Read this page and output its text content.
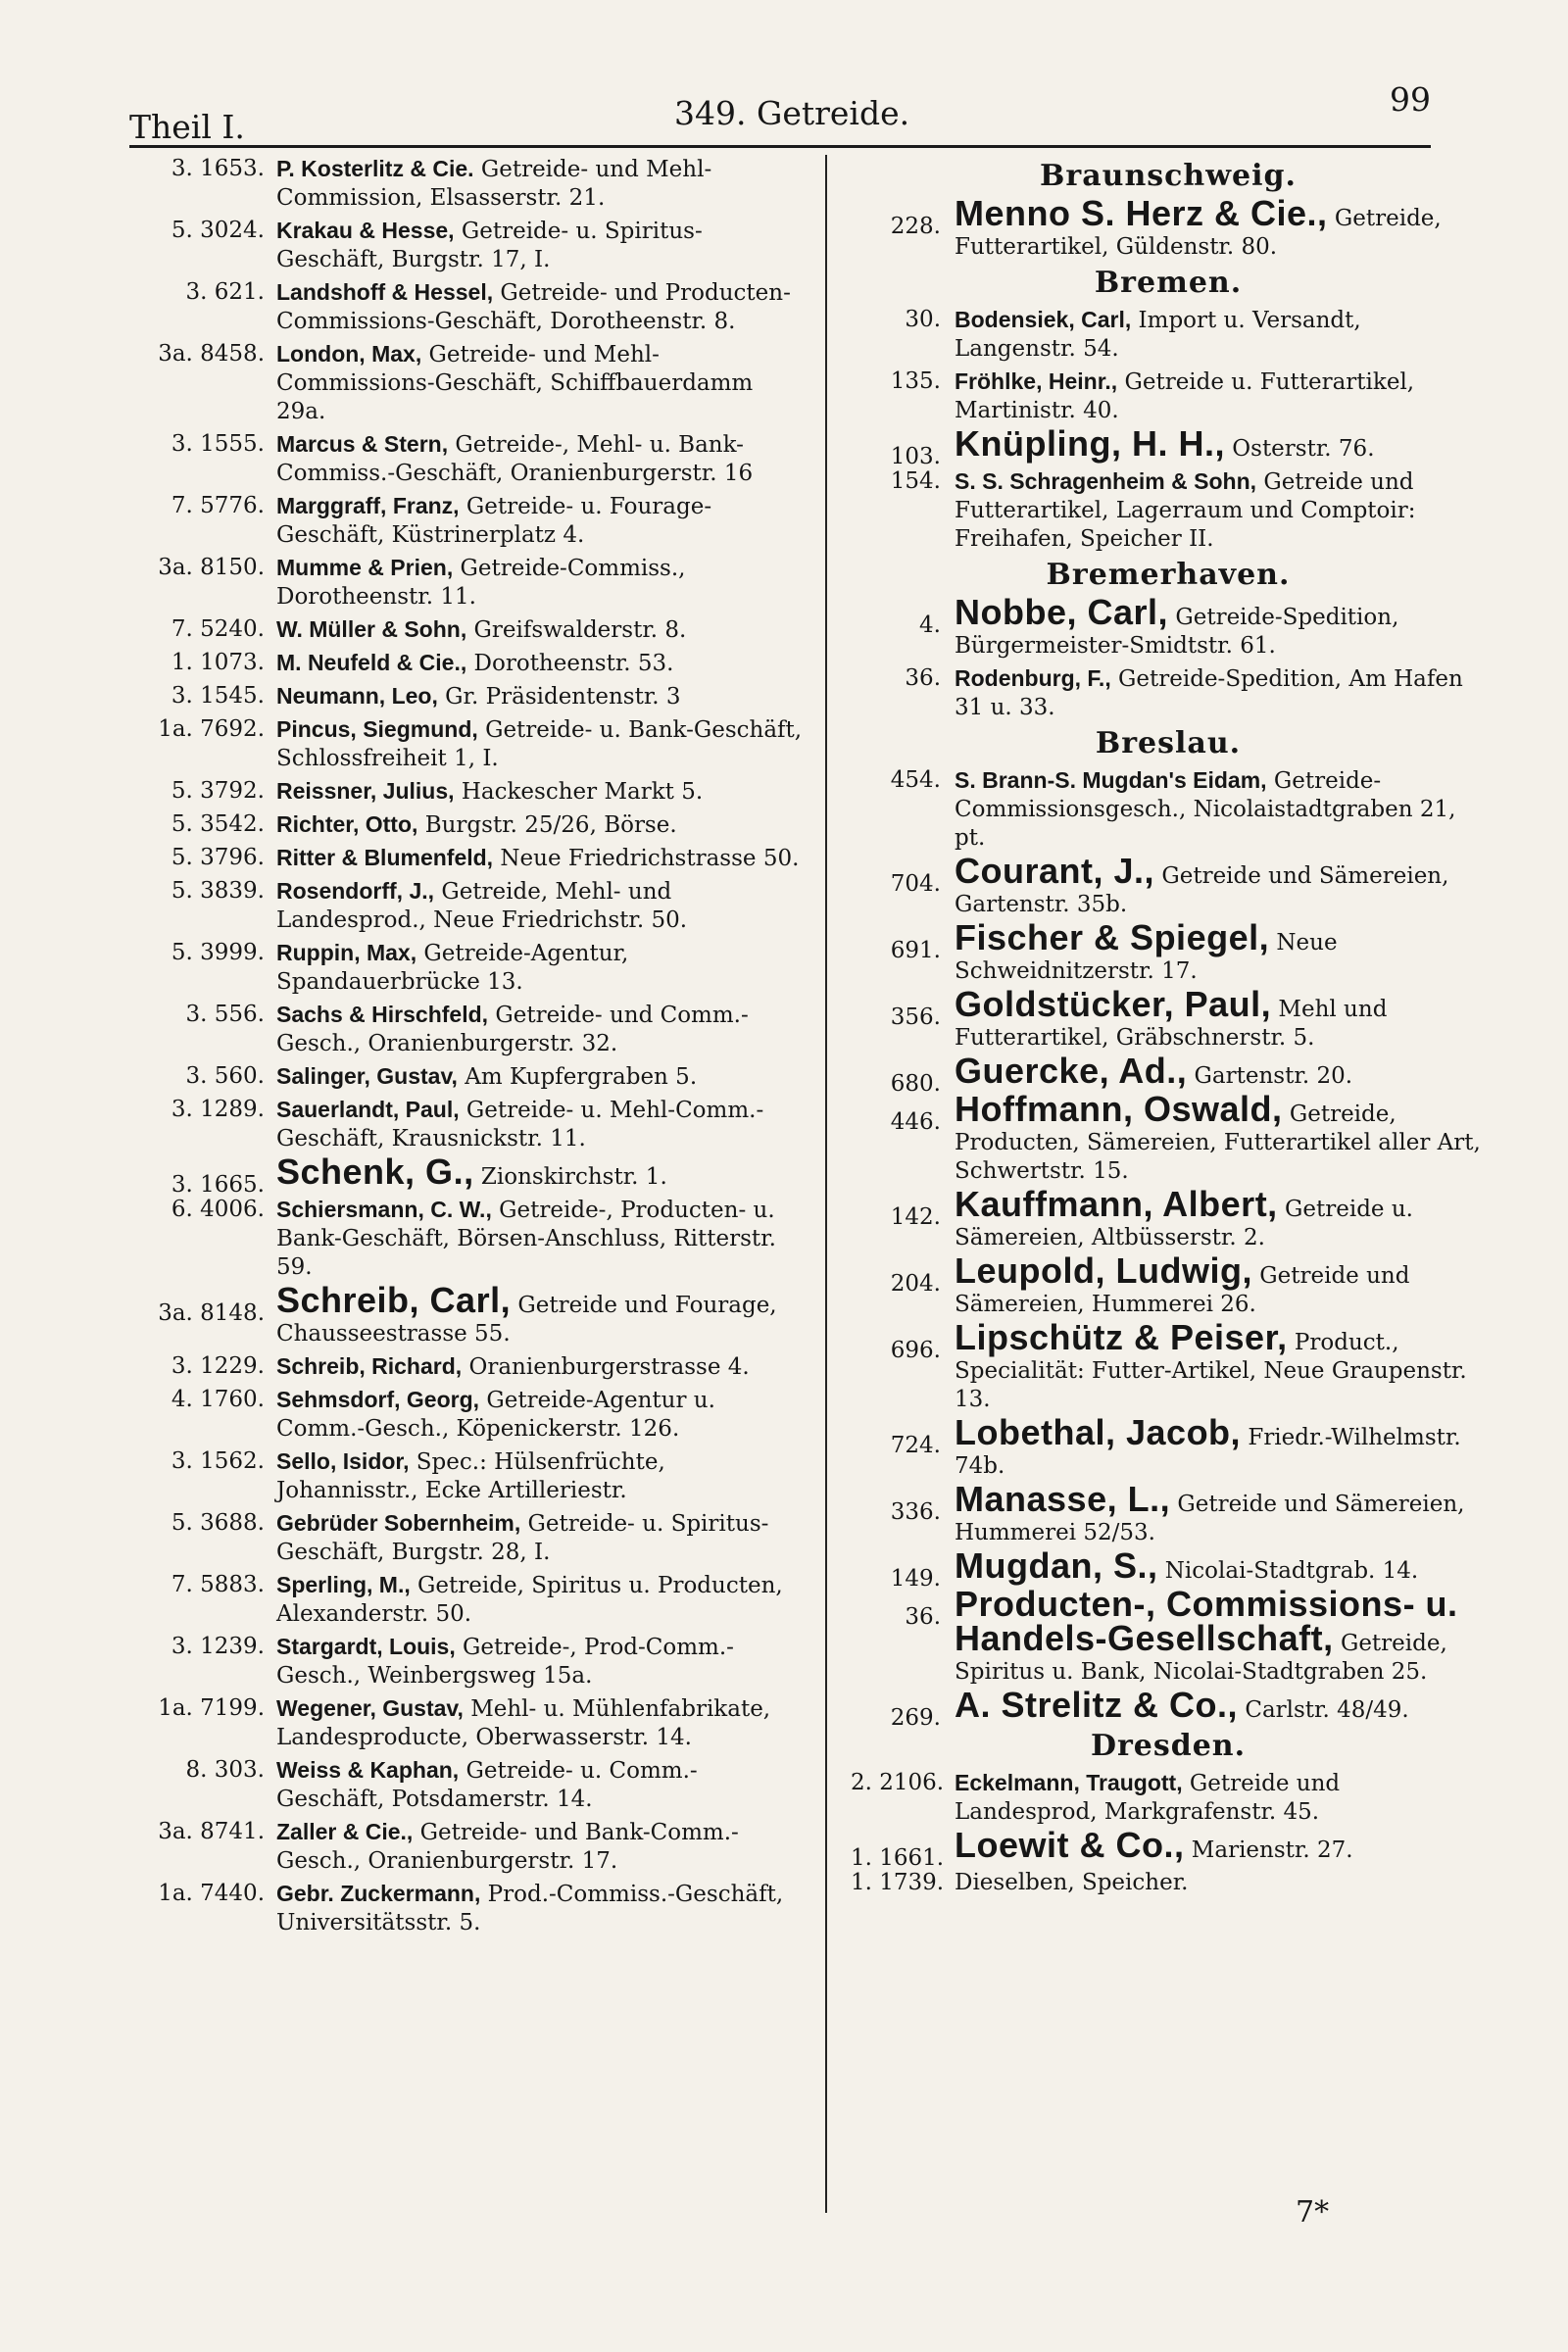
Theil I.	349. Getreide.	99
3. 1653. P. Kosterlitz & Cie. Getreide- und Mehl-Commission, Elsasserstr. 21.
5. 3024. Krakau & Hesse, Getreide- u. Spiritus-Geschäft, Burgstr. 17, I.
3. 621. Landshoff & Hessel, Getreide- und Producten-Commissions-Geschäft, Dorotheenstr. 8.
3a. 8458. London, Max, Getreide- und Mehl-Commissions-Geschäft, Schiffbauerdamm 29a.
3. 1555. Marcus & Stern, Getreide-, Mehl- u. Bank-Commiss.-Geschäft, Oranienburgerstr. 16
7. 5776. Marggraff, Franz, Getreide- u. Fourage-Geschäft, Küstrinerplatz 4.
3a. 8150. Mumme & Prien, Getreide-Commiss., Dorotheenstr. 11.
7. 5240. W. Müller & Sohn, Greifswalderstr. 8.
1. 1073. M. Neufeld & Cie., Dorotheenstr. 53.
3. 1545. Neumann, Leo, Gr. Präsidentenstr. 3
1a. 7692. Pincus, Siegmund, Getreide- u. Bank-Geschäft, Schlossfreiheit 1, I.
5. 3792. Reissner, Julius, Hackescher Markt 5.
5. 3542. Richter, Otto, Burgstr. 25/26, Börse.
5. 3796. Ritter & Blumenfeld, Neue Friedrichstrasse 50.
5. 3839. Rosendorff, J., Getreide, Mehl- und Landesprod., Neue Friedrichstr. 50.
5. 3999. Ruppin, Max, Getreide-Agentur, Spandauerbrücke 13.
3. 556. Sachs & Hirschfeld, Getreide- und Comm.-Gesch., Oranienburgerstr. 32.
3. 560. Salinger, Gustav, Am Kupfergraben 5.
3. 1289. Sauerlandt, Paul, Getreide- u. Mehl-Comm.-Geschäft, Krausnickstr. 11.
3. 1665. Schenk, G., Zionskirchstr. 1.
6. 4006. Schiersmann, C. W., Getreide-, Producten- u. Bank-Geschäft, Börsen-Anschluss, Ritterstr. 59.
3a. 8148. Schreib, Carl, Getreide und Fourage, Chausseestrasse 55.
3. 1229. Schreib, Richard, Oranienburgerstrasse 4.
4. 1760. Sehmsdorf, Georg, Getreide-Agentur u. Comm.-Gesch., Köpenickerstr. 126.
3. 1562. Sello, Isidor, Spec.: Hülsenfrüchte, Johannisstr., Ecke Artilleriestr.
5. 3688. Gebrüder Sobernheim, Getreide- u. Spiritus-Geschäft, Burgstr. 28, I.
7. 5883. Sperling, M., Getreide, Spiritus u. Producten, Alexanderstr. 50.
3. 1239. Stargardt, Louis, Getreide-, Prod-Comm.-Gesch., Weinbergsweg 15a.
1a. 7199. Wegener, Gustav, Mehl- u. Mühlenfabrikate, Landesproducte, Oberwasserstr. 14.
8. 303. Weiss & Kaphan, Getreide- u. Comm.-Geschäft, Potsdamerstr. 14.
3a. 8741. Zaller & Cie., Getreide- und Bank-Comm.-Gesch., Oranienburgerstr. 17.
1a. 7440. Gebr. Zuckermann, Prod.-Commiss.-Geschäft, Universitätsstr. 5.
Braunschweig.
228. Menno S. Herz & Cie., Getreide, Futterartikel, Güldenstr. 80.
Bremen.
30. Bodensiek, Carl, Import u. Versandt, Langenstr. 54.
135. Fröhlke, Heinr., Getreide u. Futterartikel, Martinistr. 40.
103. Knüpling, H. H., Osterstr. 76.
154. S. S. Schragenheim & Sohn, Getreide und Futterartikel, Lagerraum und Comptoir: Freihafen, Speicher II.
Bremerhaven.
4. Nobbe, Carl, Getreide-Spedition, Bürgermeister-Smidtstr. 61.
36. Rodenburg, F., Getreide-Spedition, Am Hafen 31 u. 33.
Breslau.
454. S. Brann-S. Mugdan's Eidam, Getreide-Commissionsgesch., Nicolaistadtgraben 21, pt.
704. Courant, J., Getreide und Sämereien, Gartenstr. 35b.
691. Fischer & Spiegel, Neue Schweidnitzerstr. 17.
356. Goldstücker, Paul, Mehl und Futterartikel, Gräbschnerstr. 5.
680. Guercke, Ad., Gartenstr. 20.
446. Hoffmann, Oswald, Getreide, Producten, Sämereien, Futterartikel aller Art, Schwertstr. 15.
142. Kauffmann, Albert, Getreide u. Sämereien, Altbüsserstr. 2.
204. Leupold, Ludwig, Getreide und Sämereien, Hummerei 26.
696. Lipschütz & Peiser, Product., Specialität: Futter-Artikel, Neue Graupenstr. 13.
724. Lobethal, Jacob, Friedr.-Wilhelmstr. 74b.
336. Manasse, L., Getreide und Sämereien, Hummerei 52/53.
149. Mugdan, S., Nicolai-Stadtgrab. 14.
36. Producten-, Commissions- u. Handels-Gesellschaft, Getreide, Spiritus u. Bank, Nicolai-Stadtgraben 25.
269. A. Strelitz & Co., Carlstr. 48/49.
Dresden.
2. 2106. Eckelmann, Traugott, Getreide und Landesprod, Markgrafenstr. 45.
1. 1661. Loewit & Co., Marienstr. 27.
1. 1739. Dieselben, Speicher.
7*
